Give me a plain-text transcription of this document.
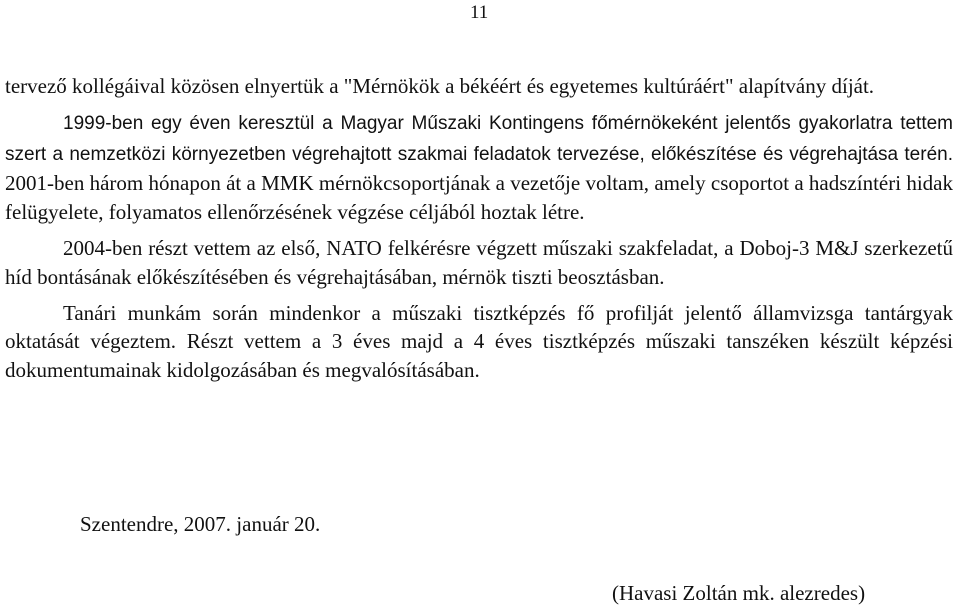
11

tervező kollégáival közösen elnyertük a "Mérnökök a békéért és egyetemes kultúráért" alapítvány díját.

1999-ben egy éven keresztül a Magyar Műszaki Kontingens főmérnökeként jelentős gyakorlatra tettem szert a nemzetközi környezetben végrehajtott szakmai feladatok tervezése, előkészítése és végrehajtása terén. 2001-ben három hónapon át a MMK mérnökcsoportjának a vezetője voltam, amely csoportot a hadszíntéri hidak felügyelete, folyamatos ellenőrzésének végzése céljából hoztak létre.

2004-ben részt vettem az első, NATO felkérésre végzett műszaki szakfeladat, a Doboj-3 M&J szerkezetű híd bontásának előkészítésében és végrehajtásában, mérnök tiszti beosztásban.

Tanári munkám során mindenkor a műszaki tisztképzés fő profilját jelentő államvizsga tantárgyak oktatását végeztem. Részt vettem a 3 éves majd a 4 éves tisztképzés műszaki tanszéken készült képzési dokumentumainak kidolgozásában és megvalósításában.

Szentendre, 2007. január 20.
(Havasi Zoltán mk. alezredes)
